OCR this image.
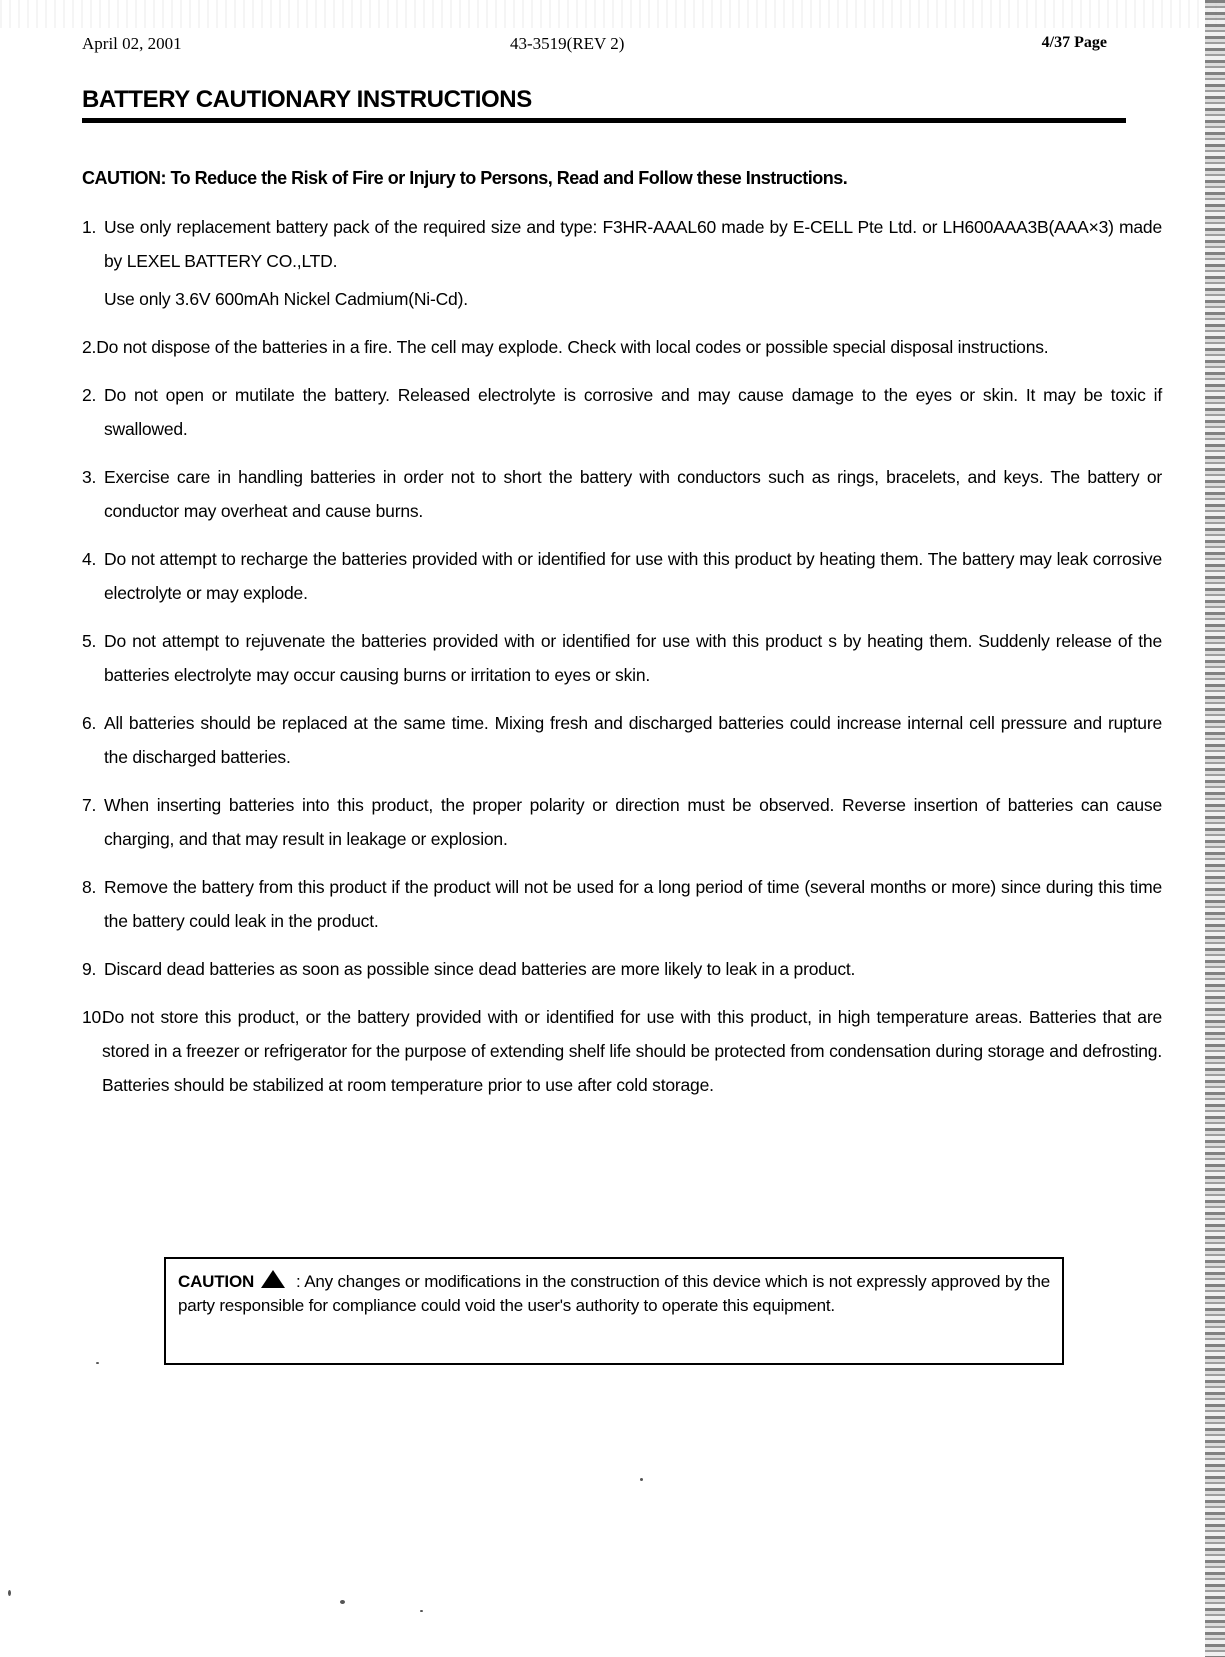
April 02, 2001	43-3519(REV 2)	4/37 Page
BATTERY CAUTIONARY INSTRUCTIONS
CAUTION: To Reduce the Risk of Fire or Injury to Persons, Read and Follow these Instructions.
1. Use only replacement battery pack of the required size and type: F3HR-AAAL60 made by E-CELL Pte Ltd. or LH600AAA3B(AAA×3) made by LEXEL BATTERY CO.,LTD.
Use only 3.6V 600mAh Nickel Cadmium(Ni-Cd).
2.Do not dispose of the batteries in a fire. The cell may explode. Check with local codes or possible special disposal instructions.
2. Do not open or mutilate the battery. Released electrolyte is corrosive and may cause damage to the eyes or skin. It may be toxic if swallowed.
3. Exercise care in handling batteries in order not to short the battery with conductors such as rings, bracelets, and keys. The battery or conductor may overheat and cause burns.
4. Do not attempt to recharge the batteries provided with or identified for use with this product by heating them. The battery may leak corrosive electrolyte or may explode.
5. Do not attempt to rejuvenate the batteries provided with or identified for use with this product s by heating them. Suddenly release of the batteries electrolyte may occur causing burns or irritation to eyes or skin.
6. All batteries should be replaced at the same time. Mixing fresh and discharged batteries could increase internal cell pressure and rupture the discharged batteries.
7. When inserting batteries into this product, the proper polarity or direction must be observed. Reverse insertion of batteries can cause charging, and that may result in leakage or explosion.
8. Remove the battery from this product if the product will not be used for a long period of time (several months or more) since during this time the battery could leak in the product.
9. Discard dead batteries as soon as possible since dead batteries are more likely to leak in a product.
10.
Do not store this product, or the battery provided with or identified for use with this product, in high temperature areas. Batteries that are stored in a freezer or refrigerator for the purpose of extending shelf life should be protected from condensation during storage and defrosting. Batteries should be stabilized at room temperature prior to use after cold storage.
CAUTION : Any changes or modifications in the construction of this device which is not expressly approved by the party responsible for compliance could void the user's authority to operate this equipment.
